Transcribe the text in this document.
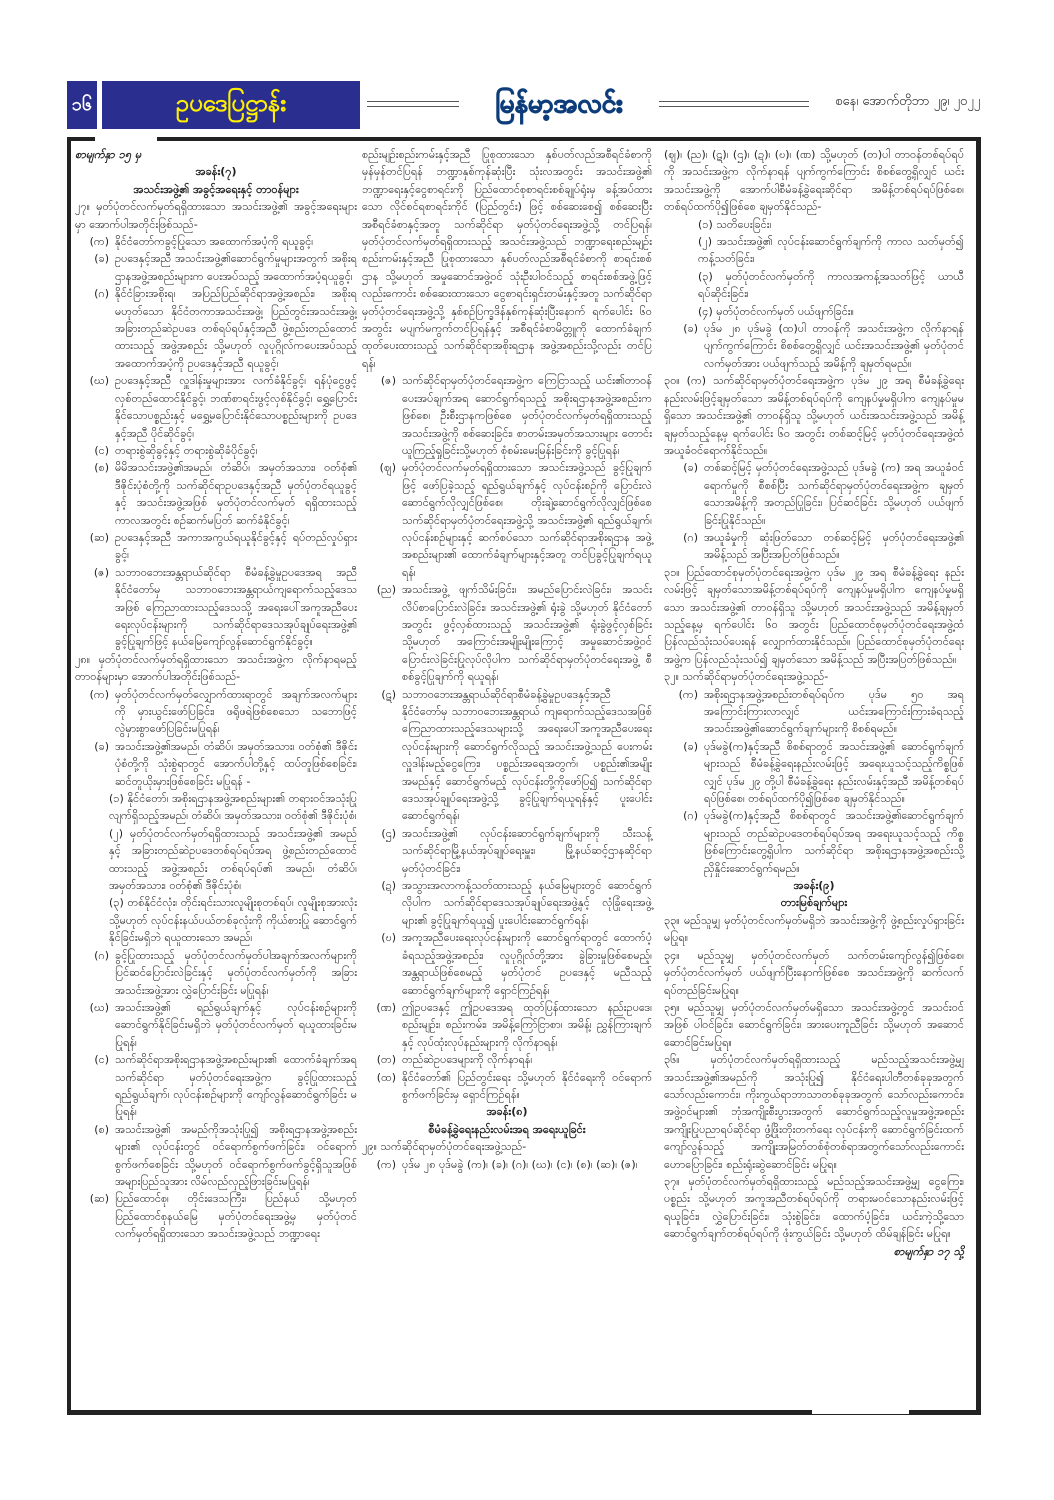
၁၆	ဥပဒေပြဋ္ဌာန်း	မြန်မာ့အလင်း	စနေ၊ အောက်တိုဘာ ၂၉၊ ၂၀၂၂
စာမျက်နှာ ၁၅ မှ
အခန်း(၇)
အသင်းအဖွဲ့၏ အခွင့်အရေးနှင့် တာဝန်များ
၂၇။ မှတ်ပုံတင်လက်မှတ်ရရှိထားသော အသင်းအဖွဲ့၏ အခွင့်အရေးများမှာ အောက်ပါအတိုင်းဖြစ်သည်-
(က) နိုင်ငံတော်ကခွင့်ပြုသော အထောက်အပံ့ကို ရယူခွင့်၊
(ခ) ဥပဒေနှင့်အညီ အသင်းအဖွဲ့၏ဆောင်ရွက်မှုများအတွက် အစိုးရဌာနအဖွဲ့အစည်းများက ပေးအပ်သည့် အထောက်အပံ့ရယူခွင့်၊
(ဂ) နိုင်ငံခြားအစိုးရ၊ အပြည်ပြည်ဆိုင်ရာအဖွဲ့အစည်း၊ အစိုးရမဟုတ်သော နိုင်ငံတကာအသင်းအဖွဲ့၊ ပြည်တွင်းအသင်းအဖွဲ့၊ အခြားတည်ဆဲဥပဒေ တစ်ရပ်ရပ်နှင့်အညီ ဖွဲ့စည်းတည်ထောင်ထားသည့် အဖွဲ့အစည်း သို့မဟုတ် လူပုဂ္ဂိုလ်ကပေးအပ်သည့် အထောက်အပံ့ကို ဥပဒေနှင့်အညီ ရယူခွင့်၊
(ဃ) ဥပဒေနှင့်အညီ လှူဒါန်းမှုများအား လက်ခံနိုင်ခွင့်၊ ရန်ပုံငွေဖွင့်လှစ်တည်ထောင်နိုင်ခွင့်၊ ဘဏ်စာရင်းဖွင့်လှစ်နိုင်ခွင့်၊ ရွှေ့ပြောင်းနိုင်သောပစ္စည်းနှင့် မရွှေ့မပြောင်းနိုင်သောပစ္စည်းများကို ဥပဒေနှင့်အညီ ပိုင်ဆိုင်ခွင့်၊
(င) တရားစွဲဆိုခွင့်နှင့် တရားစွဲဆိုခံပိုင်ခွင့်၊
(စ) မိမိအသင်းအဖွဲ့၏အမည်၊ တံဆိပ်၊ အမှတ်အသား၊ ဝတ်စုံ၏ ဒီဇိုင်းပုံစံတို့ကို သက်ဆိုင်ရာဥပဒေနှင့်အညီ မှတ်ပုံတင်ရယူခွင့်နှင့် အသင်းအဖွဲ့အဖြစ် မှတ်ပုံတင်လက်မှတ် ရရှိထားသည့်ကာလအတွင်း စဉ်ဆက်မပြတ် ဆက်ခံနိုင်ခွင့်၊
(ဆ) ဥပဒေနှင့်အညီ အကာအကွယ်ရယူနိုင်ခွင့်နှင့် ရပ်တည်လှုပ်ရှားခွင့်၊
(ဇ) သဘာဝဘေးအန္တရာယ်ဆိုင်ရာ စီမံခန့်ခွဲမှုဥပဒေအရ အညီ နိုင်ငံတော်မှ သဘာဝဘေးအန္တရာယ်ကျရောက်သည့်ဒေသအဖြစ် ကြေညာထားသည့်ဒေသသို့ အရေးပေါ်အကူအညီပေးရေးလုပ်ငန်းများကို သက်ဆိုင်ရာဒေသအုပ်ချုပ်ရေးအဖွဲ့၏ ခွင့်ပြုချက်ဖြင့် နယ်မြေကျော်လွန်ဆောင်ရွက်နိုင်ခွင့်။
၂၈။ မှတ်ပုံတင်လက်မှတ်ရရှိထားသော အသင်းအဖွဲ့က လိုက်နာရမည့်တာဝန်များမှာ အောက်ပါအတိုင်းဖြစ်သည်-
(က) မှတ်ပုံတင်လက်မှတ်လျှောက်ထားရာတွင် အချက်အလက်များကို မှားယွင်းဖော်ပြခြင်း၊ ဖရိုဖရဲဖြစ်စေသော သဘောဖြင့် လွဲမှားစွာဖော်ပြခြင်းမပြုရန်၊
(ခ) အသင်းအဖွဲ့၏အမည်၊ တံဆိပ်၊ အမှတ်အသား၊ ဝတ်စုံ၏ ဒီဇိုင်းပုံစံတို့ကို သုံးစွဲရာတွင် အောက်ပါတို့နှင့် ထပ်တူဖြစ်စေခြင်း၊ ဆင်တူယိုးမှားဖြစ်စေခြင်း မပြုရန် -
(၁) နိုင်ငံတော်၊ အစိုးရဌာနအဖွဲ့အစည်းများ၏ တရားဝင်အသုံးပြုလျက်ရှိသည့်အမည်၊ တံဆိပ်၊ အမှတ်အသား၊ ဝတ်စုံ၏ ဒီဇိုင်းပုံစံ၊
(၂) မှတ်ပုံတင်လက်မှတ်ရရှိထားသည့် အသင်းအဖွဲ့၏ အမည်နှင့် အခြားတည်ဆဲဥပဒေတစ်ရပ်ရပ်အရ ဖွဲ့စည်းတည်ထောင်ထားသည့် အဖွဲ့အစည်း တစ်ရပ်ရပ်၏ အမည်၊ တံဆိပ်၊ အမှတ်အသား၊ ဝတ်စုံ၏ ဒီဇိုင်းပုံစံ၊
(၃) တစ်နိုင်ငံလုံး၊ တိုင်းရင်းသားလူမျိုးစုတစ်ရပ်၊ လူမျိုးစုအားလုံး သို့မဟုတ် လုပ်ငန်းနယ်ပယ်တစ်ခုလုံးကို ကိုယ်စားပြု ဆောင်ရွက်နိုင်ခြင်းမရှိဘဲ ရယူထားသော အမည်၊
(ဂ) ခွင့်ပြုထားသည့် မှတ်ပုံတင်လက်မှတ်ပါအချက်အလက်များကို ပြင်ဆင်ပြောင်းလဲခြင်းနှင့် မှတ်ပုံတင်လက်မှတ်ကို အခြားအသင်းအဖွဲ့အား လွှဲပြောင်းခြင်း မပြုရန်၊
(ဃ) အသင်းအဖွဲ့၏ ရည်ရွယ်ချက်နှင့် လုပ်ငန်းစဉ်များကို ဆောင်ရွက်နိုင်ခြင်းမရှိဘဲ မှတ်ပုံတင်လက်မှတ် ရယူထားခြင်းမပြုရန်၊
(င) သက်ဆိုင်ရာအစိုးရဌာနအဖွဲ့အစည်းများ၏ ထောက်ခံချက်အရ သက်ဆိုင်ရာ မှတ်ပုံတင်ရေးအဖွဲ့က ခွင့်ပြုထားသည့် ရည်ရွယ်ချက်၊ လုပ်ငန်းစဉ်များကို ကျော်လွန်ဆောင်ရွက်ခြင်း မပြုရန်၊
(စ) အသင်းအဖွဲ့၏ အမည်ကိုအသုံးပြု၍ အစိုးရဌာနအဖွဲ့အစည်းများ၏ လုပ်ငန်းတွင် ဝင်ရောက်စွက်ဖက်ခြင်း၊ ဝင်ရောက်စွက်ဖက်စေခြင်း သို့မဟုတ် ဝင်ရောက်စွက်ဖက်ခွင့်ရှိသူအဖြစ် အများပြည်သူအား လိမ်လည်လှည့်ဖြားခြင်းမပြုရန်၊
(ဆ) ပြည်ထောင်စု၊ တိုင်းဒေသကြီး၊ ပြည်နယ် သို့မဟုတ် ပြည်ထောင်စုနယ်မြေ မှတ်ပုံတင်ရေးအဖွဲ့မှ မှတ်ပုံတင်လက်မှတ်ရရှိထားသော အသင်းအဖွဲ့သည် ဘဏ္ဍာရေး
စည်းမျဉ်းစည်းကမ်းနှင့်အညီ ပြုစုထားသော နှစ်ပတ်လည်အစီရင်ခံစာကို မှန်မှန်တင်ပြရန် ဘဏ္ဍာနှစ်ကုန်ဆုံးပြီး သုံးလအတွင်း အသင်းအဖွဲ့၏ ဘဏ္ဍာရေးနှင့်ငွေစာရင်းကို ပြည်ထောင်စုစာရင်းစစ်ချုပ်ရုံးမှ ခန့်အပ်ထားသော လိုင်စင်ရစာရင်းကိုင် (ပြည်တွင်း) ဖြင့် စစ်ဆေးစေ၍ စစ်ဆေးပြီး အစီရင်ခံစာနှင့်အတူ သက်ဆိုင်ရာ မှတ်ပုံတင်ရေးအဖွဲ့သို့ တင်ပြရန်၊ မှတ်ပုံတင်လက်မှတ်ရရှိထားသည့် အသင်းအဖွဲ့သည် ဘဏ္ဍာရေးစည်းမျဉ်း စည်းကမ်းနှင့်အညီ ပြုစုထားသော နှစ်ပတ်လည်အစီရင်ခံစာကို စာရင်းစစ်ဌာန သို့မဟုတ် အမှုဆောင်အဖွဲ့ဝင် သုံးဦးပါဝင်သည့် စာရင်းစစ်အဖွဲ့ဖြင့်လည်းကောင်း စစ်ဆေးထားသော ငွေစာရင်းရှင်းတမ်းနှင့်အတူ သက်ဆိုင်ရာ မှတ်ပုံတင်ရေးအဖွဲ့သို့ နှစ်စဉ်ပြက္ခဒိန်နှစ်ကုန်ဆုံးပြီးနောက် ရက်ပေါင်း ၆၀ အတွင်း မပျက်မကွက်တင်ပြရန်နှင့် အစီရင်ခံစာမိတ္တူကို ထောက်ခံချက်ထုတ်ပေးထားသည့် သက်ဆိုင်ရာအစိုးရဌာန အဖွဲ့အစည်းသို့လည်း တင်ပြရန်၊
(ဇ) သက်ဆိုင်ရာမှတ်ပုံတင်ရေးအဖွဲ့က ကြေငြာသည့် ယင်း၏တာဝန်ပေးအပ်ချက်အရ ဆောင်ရွက်ရသည့် အစိုးရဌာနအဖွဲ့အစည်းကဖြစ်စေ၊ ဦးစီးဌာနကဖြစ်စေ မှတ်ပုံတင်လက်မှတ်ရရှိထားသည့် အသင်းအဖွဲ့ကို စစ်ဆေးခြင်း၊ စာတမ်းအမှတ်အသားများ တောင်းယူကြည့်ရှုခြင်းသို့မဟုတ် စုံစမ်းမေးမြန်းခြင်းကို ခွင့်ပြုရန်၊
(ဈ) မှတ်ပုံတင်လက်မှတ်ရရှိထားသော အသင်းအဖွဲ့သည် ခွင့်ပြုချက်ဖြင့် ဖော်ပြခဲ့သည့် ရည်ရွယ်ချက်နှင့် လုပ်ငန်းစဉ်ကို ပြောင်းလဲဆောင်ရွက်လိုလျှင်ဖြစ်စေ၊ တိုးချဲ့ဆောင်ရွက်လိုလျှင်ဖြစ်စေ သက်ဆိုင်ရာမှတ်ပုံတင်ရေးအဖွဲ့သို့ အသင်းအဖွဲ့၏ ရည်ရွယ်ချက်၊ လုပ်ငန်းစဉ်များနှင့် ဆက်စပ်သော သက်ဆိုင်ရာအစိုးရဌာန အဖွဲ့အစည်းများ၏ ထောက်ခံချက်များနှင့်အတူ တင်ပြခွင့်ပြုချက်ရယူရန်၊
(ည) အသင်းအဖွဲ့ ဖျက်သိမ်းခြင်း၊ အမည်ပြောင်းလဲခြင်း၊ အသင်းလိပ်စာပြောင်းလဲခြင်း၊ အသင်းအဖွဲ့၏ ရုံးခွဲ သို့မဟုတ် နိုင်ငံတော်အတွင်း ဖွင့်လှစ်ထားသည့် အသင်းအဖွဲ့၏ ရုံးခွဲဖွင့်လှစ်ခြင်း သို့မဟုတ် အကြောင်းအမျိုးမျိုးကြောင့် အမှုဆောင်အဖွဲ့ဝင် ပြောင်းလဲခြင်းပြုလုပ်လိုပါက သက်ဆိုင်ရာမှတ်ပုံတင်ရေးအဖွဲ့ စီစစ်ခွင့်ပြုချက်ကို ရယူရန်၊
(ဋ) သဘာဝဘေးအန္တရာယ်ဆိုင်ရာစီမံခန့်ခွဲမှုဥပဒေနှင့်အညီ နိုင်ငံတော်မှ သဘာဝဘေးအန္တရာယ် ကျရောက်သည့်ဒေသအဖြစ် ကြေညာထားသည့်ဒေသများသို့ အရေးပေါ်အကူအညီပေးရေးလုပ်ငန်းများကို ဆောင်ရွက်လိုသည့် အသင်းအဖွဲ့သည် ပေးကမ်းလှူဒါန်းမည့်ငွေကြေး၊ ပစ္စည်းအရေအတွက်၊ ပစ္စည်း၏အမျိုးအမည်နှင့် ဆောင်ရွက်မည့် လုပ်ငန်းတို့ကိုဖော်ပြ၍ သက်ဆိုင်ရာဒေသအုပ်ချုပ်ရေးအဖွဲ့သို့ ခွင့်ပြုချက်ရယူရန်နှင့် ပူးပေါင်းဆောင်ရွက်ရန်၊
(ဌ) အသင်းအဖွဲ့၏ လုပ်ငန်းဆောင်ရွက်ချက်များကို သီးသန့်သက်ဆိုင်ရာမြို့နယ်အုပ်ချုပ်ရေးမှူး၊ မြို့နယ်ဆင့်ဌာနဆိုင်ရာ မှတ်ပုံတင်ခြင်း၊
(ဍ) အသွားအလာကန့်သတ်ထားသည့် နယ်မြေများတွင် ဆောင်ရွက်လိုပါက သက်ဆိုင်ရာဒေသအုပ်ချုပ်ရေးအဖွဲ့နှင့် လုံခြုံရေးအဖွဲ့များ၏ ခွင့်ပြုချက်ရယူ၍ ပူးပေါင်းဆောင်ရွက်ရန်၊
(ဎ) အကူအညီပေးရေးလုပ်ငန်းများကို ဆောင်ရွက်ရာတွင် ထောက်ပံ့ခံရသည့်အဖွဲ့အစည်း၊ လူပုဂ္ဂိုလ်တို့အား ခွဲခြားမှုဖြစ်စေမည့်၊ အန္တရာယ်ဖြစ်စေမည့် မှတ်ပုံတင် ဥပဒေနှင့် မညီသည့် ဆောင်ရွက်ချက်များကို ရှောင်ကြဉ်ရန်၊
(ဏ) ဤဥပဒေနှင့် ဤဥပဒေအရ ထုတ်ပြန်ထားသော နည်းဥပဒေ၊ စည်းမျဉ်း၊ စည်းကမ်း၊ အမိန့်ကြော်ငြာစာ၊ အမိန့်၊ ညွှန်ကြားချက်နှင့် လုပ်ထုံးလုပ်နည်းများကို လိုက်နာရန်၊
(တ) တည်ဆဲဥပဒေများကို လိုက်နာရန်၊
(ထ) နိုင်ငံတော်၏ ပြည်တွင်းရေး သို့မဟုတ် နိုင်ငံရေးကို ဝင်ရောက်စွက်ဖက်ခြင်းမှ ရှောင်ကြဉ်ရန်။
အခန်း(၈)
စီမံခန့်ခွဲရေးနည်းလမ်းအရ အရေးယူခြင်း
၂၉။ သက်ဆိုင်ရာမှတ်ပုံတင်ရေးအဖွဲ့သည်-
(က) ပုဒ်မ ၂၈ ပုဒ်မခွဲ (က)၊ (ခ)၊ (ဂ)၊ (ဃ)၊ (င)၊ (စ)၊ (ဆ)၊ (ဇ)၊
(ဈ)၊ (ည)၊ (ဋ)၊ (ဌ)၊ (ဍ)၊ (ဎ)၊ (ဏ) သို့မဟုတ် (တ)ပါ တာဝန်တစ်ရပ်ရပ်ကို အသင်းအဖွဲ့က လိုက်နာရန် ပျက်ကွက်ကြောင်း စိစစ်တွေ့ရှိလျှင် ယင်းအသင်းအဖွဲ့ကို အောက်ပါစီမံခန့်ခွဲရေးဆိုင်ရာ အမိန့်တစ်ရပ်ရပ်ဖြစ်စေ၊ တစ်ရပ်ထက်ပို၍ဖြစ်စေ ချမှတ်နိုင်သည်-
(၁) သတိပေးခြင်း၊
(၂) အသင်းအဖွဲ့၏ လုပ်ငန်းဆောင်ရွက်ချက်ကို ကာလ သတ်မှတ်၍ ကန့်သတ်ခြင်း၊
(၃) မှတ်ပုံတင်လက်မှတ်ကို ကာလအကန့်အသတ်ဖြင့် ယာယီရပ်ဆိုင်းခြင်း၊
(၄) မှတ်ပုံတင်လက်မှတ် ပယ်ဖျက်ခြင်း။
(ခ) ပုဒ်မ ၂၈ ပုဒ်မခွဲ (ထ)ပါ တာဝန်ကို အသင်းအဖွဲ့က လိုက်နာရန် ပျက်ကွက်ကြောင်း စိစစ်တွေ့ရှိလျှင် ယင်းအသင်းအဖွဲ့၏ မှတ်ပုံတင်လက်မှတ်အား ပယ်ဖျက်သည့် အမိန့်ကို ချမှတ်ရမည်။
၃၀။ (က) သက်ဆိုင်ရာမှတ်ပုံတင်ရေးအဖွဲ့က ပုဒ်မ ၂၉ အရ စီမံခန့်ခွဲရေး နည်းလမ်းဖြင့်ချမှတ်သော အမိန့်တစ်ရပ်ရပ်ကို ကျေနပ်မှုမရှိပါက ကျေနပ်မှုမရှိသော အသင်းအဖွဲ့၏ တာဝန်ရှိသူ သို့မဟုတ် ယင်းအသင်းအဖွဲ့သည် အမိန့်ချမှတ်သည့်နေ့မှ ရက်ပေါင်း ၆၀ အတွင်း တစ်ဆင့်မြင့် မှတ်ပုံတင်ရေးအဖွဲ့ထံ အယူခံဝင်ရောက်နိုင်သည်။
(ခ) တစ်ဆင့်မြင့် မှတ်ပုံတင်ရေးအဖွဲ့သည် ပုဒ်မခွဲ (က) အရ အယူခံဝင်ရောက်မှုကို စီစစ်ပြီး သက်ဆိုင်ရာမှတ်ပုံတင်ရေးအဖွဲ့က ချမှတ်သောအမိန့်ကို အတည်ပြုခြင်း၊ ပြင်ဆင်ခြင်း သို့မဟုတ် ပယ်ဖျက်ခြင်းပြုနိုင်သည်။
(ဂ) အယူခံမှုကို ဆုံးဖြတ်သော တစ်ဆင့်မြင့် မှတ်ပုံတင်ရေးအဖွဲ့၏ အမိန့်သည် အပြီးအပြတ်ဖြစ်သည်။
၃၁။ ပြည်ထောင်စုမှတ်ပုံတင်ရေးအဖွဲ့က ပုဒ်မ ၂၉ အရ စီမံခန့်ခွဲရေး နည်းလမ်းဖြင့် ချမှတ်သောအမိန့်တစ်ရပ်ရပ်ကို ကျေနပ်မှုမရှိပါက ကျေနပ်မှုမရှိသော အသင်းအဖွဲ့၏ တာဝန်ရှိသူ သို့မဟုတ် အသင်းအဖွဲ့သည် အမိန့်ချမှတ်သည့်နေ့မှ ရက်ပေါင်း ၆၀ အတွင်း ပြည်ထောင်စုမှတ်ပုံတင်ရေးအဖွဲ့ထံ ပြန်လည်သုံးသပ်ပေးရန် လျှောက်ထားနိုင်သည်။ ပြည်ထောင်စုမှတ်ပုံတင်ရေးအဖွဲ့က ပြန်လည်သုံးသပ်၍ ချမှတ်သော အမိန့်သည် အပြီးအပြတ်ဖြစ်သည်။
၃၂။ သက်ဆိုင်ရာမှတ်ပုံတင်ရေးအဖွဲ့သည်-
(က) အစိုးရဌာနအဖွဲ့အစည်းတစ်ရပ်ရပ်က ပုဒ်မ ၅၀ အရ အကြောင်းကြားလာလျှင် ယင်းအကြောင်းကြားခံရသည့် အသင်းအဖွဲ့၏ဆောင်ရွက်ချက်များကို စိစစ်ရမည်။
(ခ) ပုဒ်မခွဲ(က)နှင့်အညီ စိစစ်ရာတွင် အသင်းအဖွဲ့၏ ဆောင်ရွက်ချက်များသည် စီမံခန့်ခွဲရေးနည်းလမ်းဖြင့် အရေးယူသင့်သည့်ကိစ္စဖြစ်လျှင် ပုဒ်မ ၂၉ တို့ပါ စီမံခန့်ခွဲရေး နည်းလမ်းနှင့်အညီ အမိန့်တစ်ရပ်ရပ်ဖြစ်စေ၊ တစ်ရပ်ထက်ပို၍ဖြစ်စေ ချမှတ်နိုင်သည်။
(ဂ) ပုဒ်မခွဲ(က)နှင့်အညီ စိစစ်ရာတွင် အသင်းအဖွဲ့၏ဆောင်ရွက်ချက်များသည် တည်ဆဲဥပဒေတစ်ရပ်ရပ်အရ အရေးယူသင့်သည့် ကိစ္စဖြစ်ကြောင်းတွေ့ရှိပါက သက်ဆိုင်ရာ အစိုးရဌာနအဖွဲ့အစည်းသို့ ညှိနှိုင်းဆောင်ရွက်ရမည်။
အခန်း(၉)
တားမြစ်ချက်များ
၃၃။ မည်သူမျှ မှတ်ပုံတင်လက်မှတ်မရှိဘဲ အသင်းအဖွဲ့ကို ဖွဲ့စည်းလှုပ်ရှားခြင်းမပြုရ။
၃၄။ မည်သူမျှ မှတ်ပုံတင်လက်မှတ် သက်တမ်းကျော်လွန်၍ဖြစ်စေ၊ မှတ်ပုံတင်လက်မှတ် ပယ်ဖျက်ပြီးနောက်ဖြစ်စေ အသင်းအဖွဲ့ကို ဆက်လက်ရပ်တည်ခြင်းမပြုရ။
၃၅။ မည်သူမျှ မှတ်ပုံတင်လက်မှတ်မရှိသော အသင်းအဖွဲ့တွင် အသင်းဝင်အဖြစ် ပါဝင်ခြင်း၊ ဆောင်ရွက်ခြင်း၊ အားပေးကူညီခြင်း သို့မဟုတ် အဆောင်ဆောင်ခြင်းမပြုရ။
၃၆။ မှတ်ပုံတင်လက်မှတ်ရရှိထားသည့် မည်သည့်အသင်းအဖွဲ့မျှ အသင်းအဖွဲ့၏အမည်ကို အသုံးပြု၍ နိုင်ငံရေးပါတီတစ်ခုခုအတွက် သော်လည်းကောင်း၊ ကိုးကွယ်ရာဘာသာတစ်ခုခုအတွက် သော်လည်းကောင်း၊ အဖွဲ့ဝင်များ၏ ဘုံအကျိုးစီးပွားအတွက် ဆောင်ရွက်သည့်လူမှုအဖွဲ့အစည်း အကျိုးပြုပညာရပ်ဆိုင်ရာ ဖွံ့ဖြိုးတိုးတက်ရေး လုပ်ငန်းကို ဆောင်ရွက်ခြင်းထက်ကျော်လွန်သည့် အကျိုးအမြတ်တစ်စုံတစ်ရာအတွက်သော်လည်းကောင်း ဟောပြောခြင်း၊ စည်းရုံးဆွဲဆောင်ခြင်း မပြုရ။
၃၇။ မှတ်ပုံတင်လက်မှတ်ရရှိထားသည့် မည်သည့်အသင်းအဖွဲ့မျှ ငွေကြေး၊ ပစ္စည်း သို့မဟုတ် အကူအညီတစ်ရပ်ရပ်ကို တရားမဝင်သောနည်းလမ်းဖြင့် ရယူခြင်း၊ လွှဲပြောင်းခြင်း၊ သုံးစွဲခြင်း၊ ထောက်ပံ့ခြင်း၊ ယင်းကဲ့သို့သော ဆောင်ရွက်ချက်တစ်ရပ်ရပ်ကို ဖုံးကွယ်ခြင်း သို့မဟုတ် ထိမ်ချန်ခြင်း မပြုရ။
စာမျက်နှာ ၁၇ သို့
